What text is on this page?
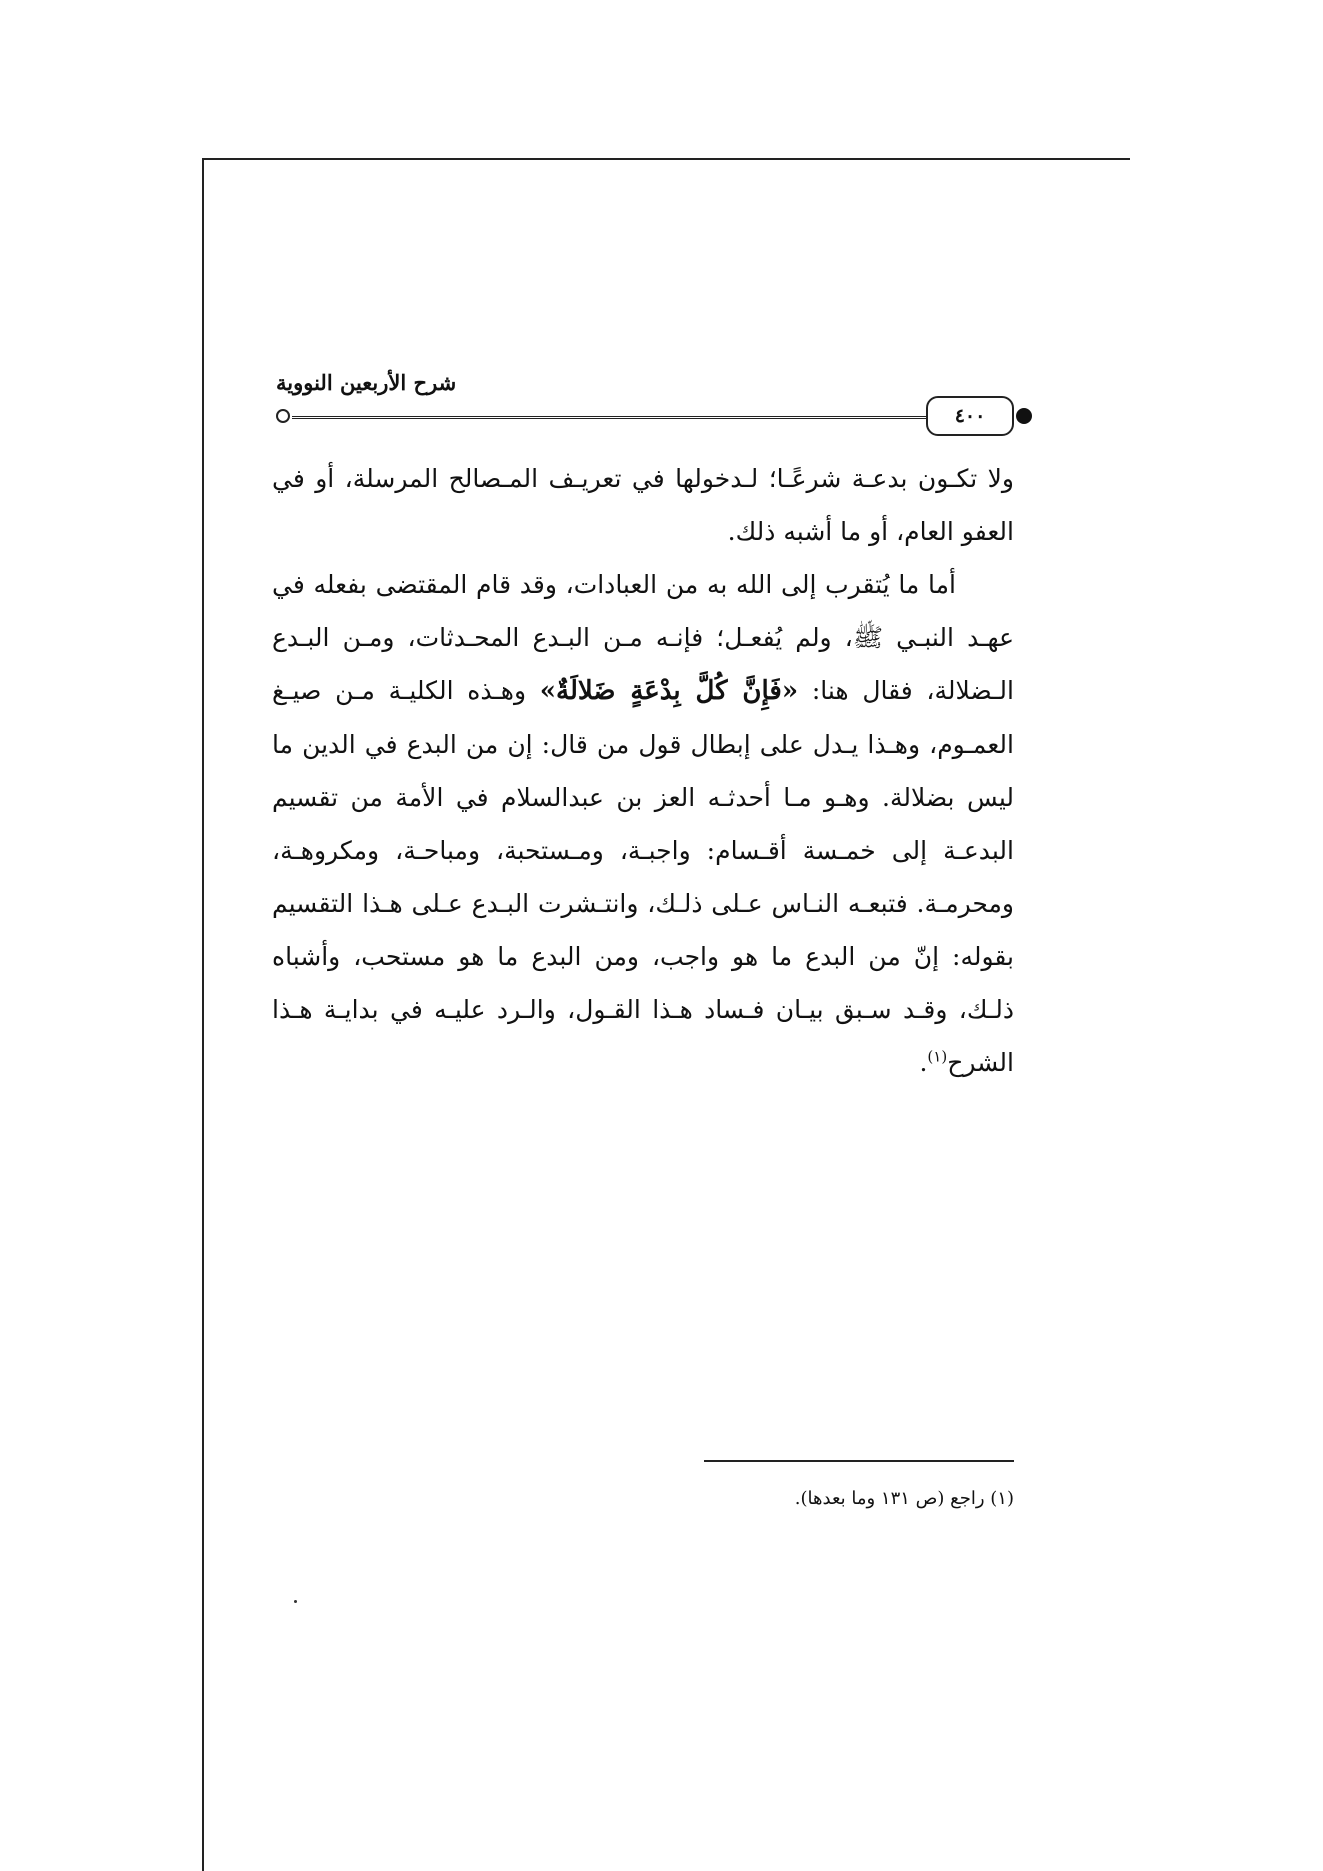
شرح الأربعين النووية
٤٠٠

ولا تكـون بدعـة شرعًـا؛ لـدخولها في تعريـف المـصالح المرسلة، أو في العفو العام، أو ما أشبه ذلك.

أما ما يُتقرب إلى الله به من العبادات، وقد قام المقتضى بفعله في عهـد النبـي ﷺ، ولم يُفعـل؛ فإنـه مـن البـدع المحـدثات، ومـن البـدع الـضلالة، فقال هنا: «فَإِنَّ كُلَّ بِدْعَةٍ ضَلالَةٌ» وهـذه الكليـة مـن صيـغ العمـوم، وهـذا يـدل على إبطال قول من قال: إن من البدع في الدين ما ليس بضلالة. وهـو مـا أحدثـه العز بن عبدالسلام في الأمة من تقسيم البدعـة إلى خمـسة أقـسام: واجبـة، ومـستحبة، ومباحـة، ومكروهـة، ومحرمـة. فتبعـه النـاس عـلى ذلـك، وانتـشرت البـدع عـلى هـذا التقسيم بقوله: إنّ من البدع ما هو واجب، ومن البدع ما هو مستحب، وأشباه ذلـك، وقـد سـبق بيـان فـساد هـذا القـول، والـرد عليـه في بدايـة هـذا الشرح$^{(١)}$.

(١) راجع (ص ١٣١ وما بعدها).
